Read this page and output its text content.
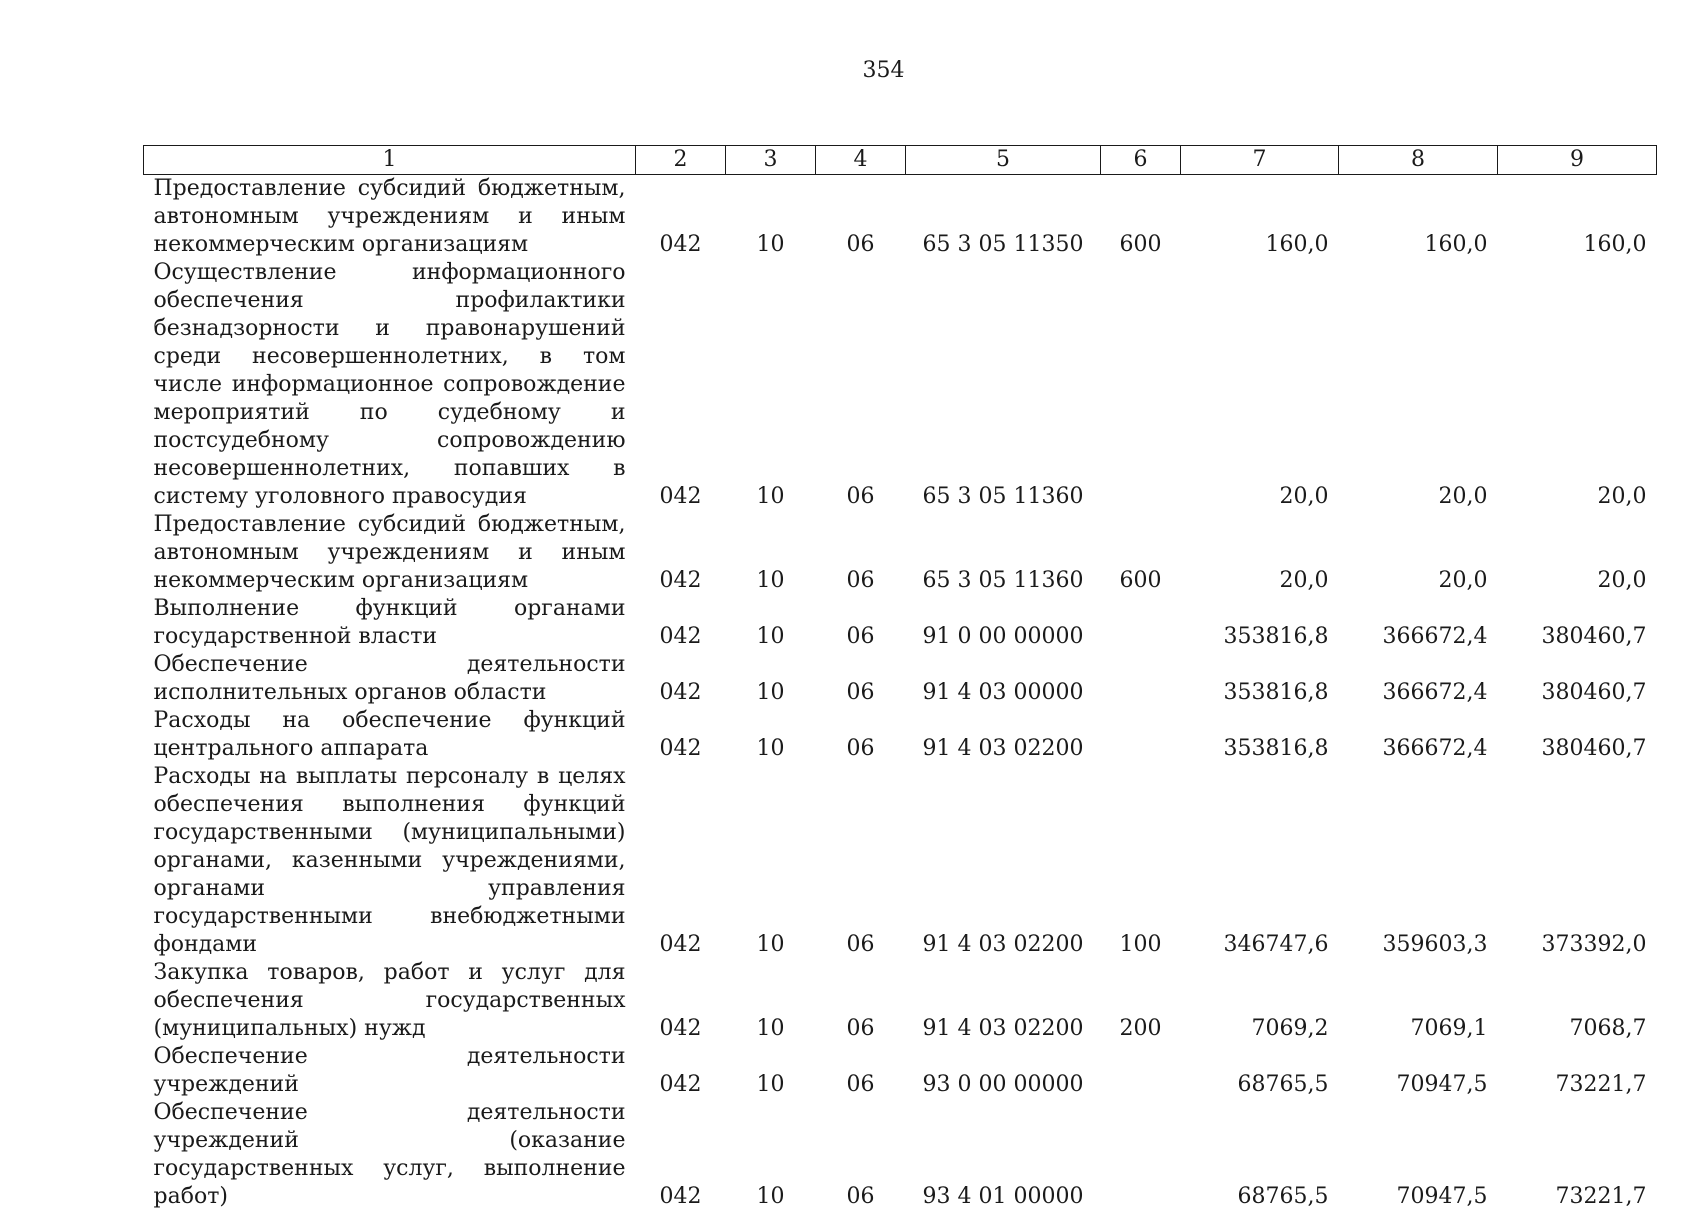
354
1	2	3	4	5	6	7	8	9
Предоставление субсидий бюджетным, автономным учреждениям и иным некоммерческим организациям	042	10	06	65 3 05 11350	600	160,0	160,0	160,0
Осуществление информационного обеспечения профилактики безнадзорности и правонарушений среди несовершеннолетних, в том числе информационное сопровождение мероприятий по судебному и постсудебному сопровождению несовершеннолетних, попавших в систему уголовного правосудия	042	10	06	65 3 05 11360		20,0	20,0	20,0
Предоставление субсидий бюджетным, автономным учреждениям и иным некоммерческим организациям	042	10	06	65 3 05 11360	600	20,0	20,0	20,0
Выполнение функций органами государственной власти	042	10	06	91 0 00 00000		353816,8	366672,4	380460,7
Обеспечение деятельности исполнительных органов области	042	10	06	91 4 03 00000		353816,8	366672,4	380460,7
Расходы на обеспечение функций центрального аппарата	042	10	06	91 4 03 02200		353816,8	366672,4	380460,7
Расходы на выплаты персоналу в целях обеспечения выполнения функций государственными (муниципальными) органами, казенными учреждениями, органами управления государственными внебюджетными фондами	042	10	06	91 4 03 02200	100	346747,6	359603,3	373392,0
Закупка товаров, работ и услуг для обеспечения государственных (муниципальных) нужд	042	10	06	91 4 03 02200	200	7069,2	7069,1	7068,7
Обеспечение деятельности учреждений	042	10	06	93 0 00 00000		68765,5	70947,5	73221,7
Обеспечение деятельности учреждений (оказание государственных услуг, выполнение работ)	042	10	06	93 4 01 00000		68765,5	70947,5	73221,7
